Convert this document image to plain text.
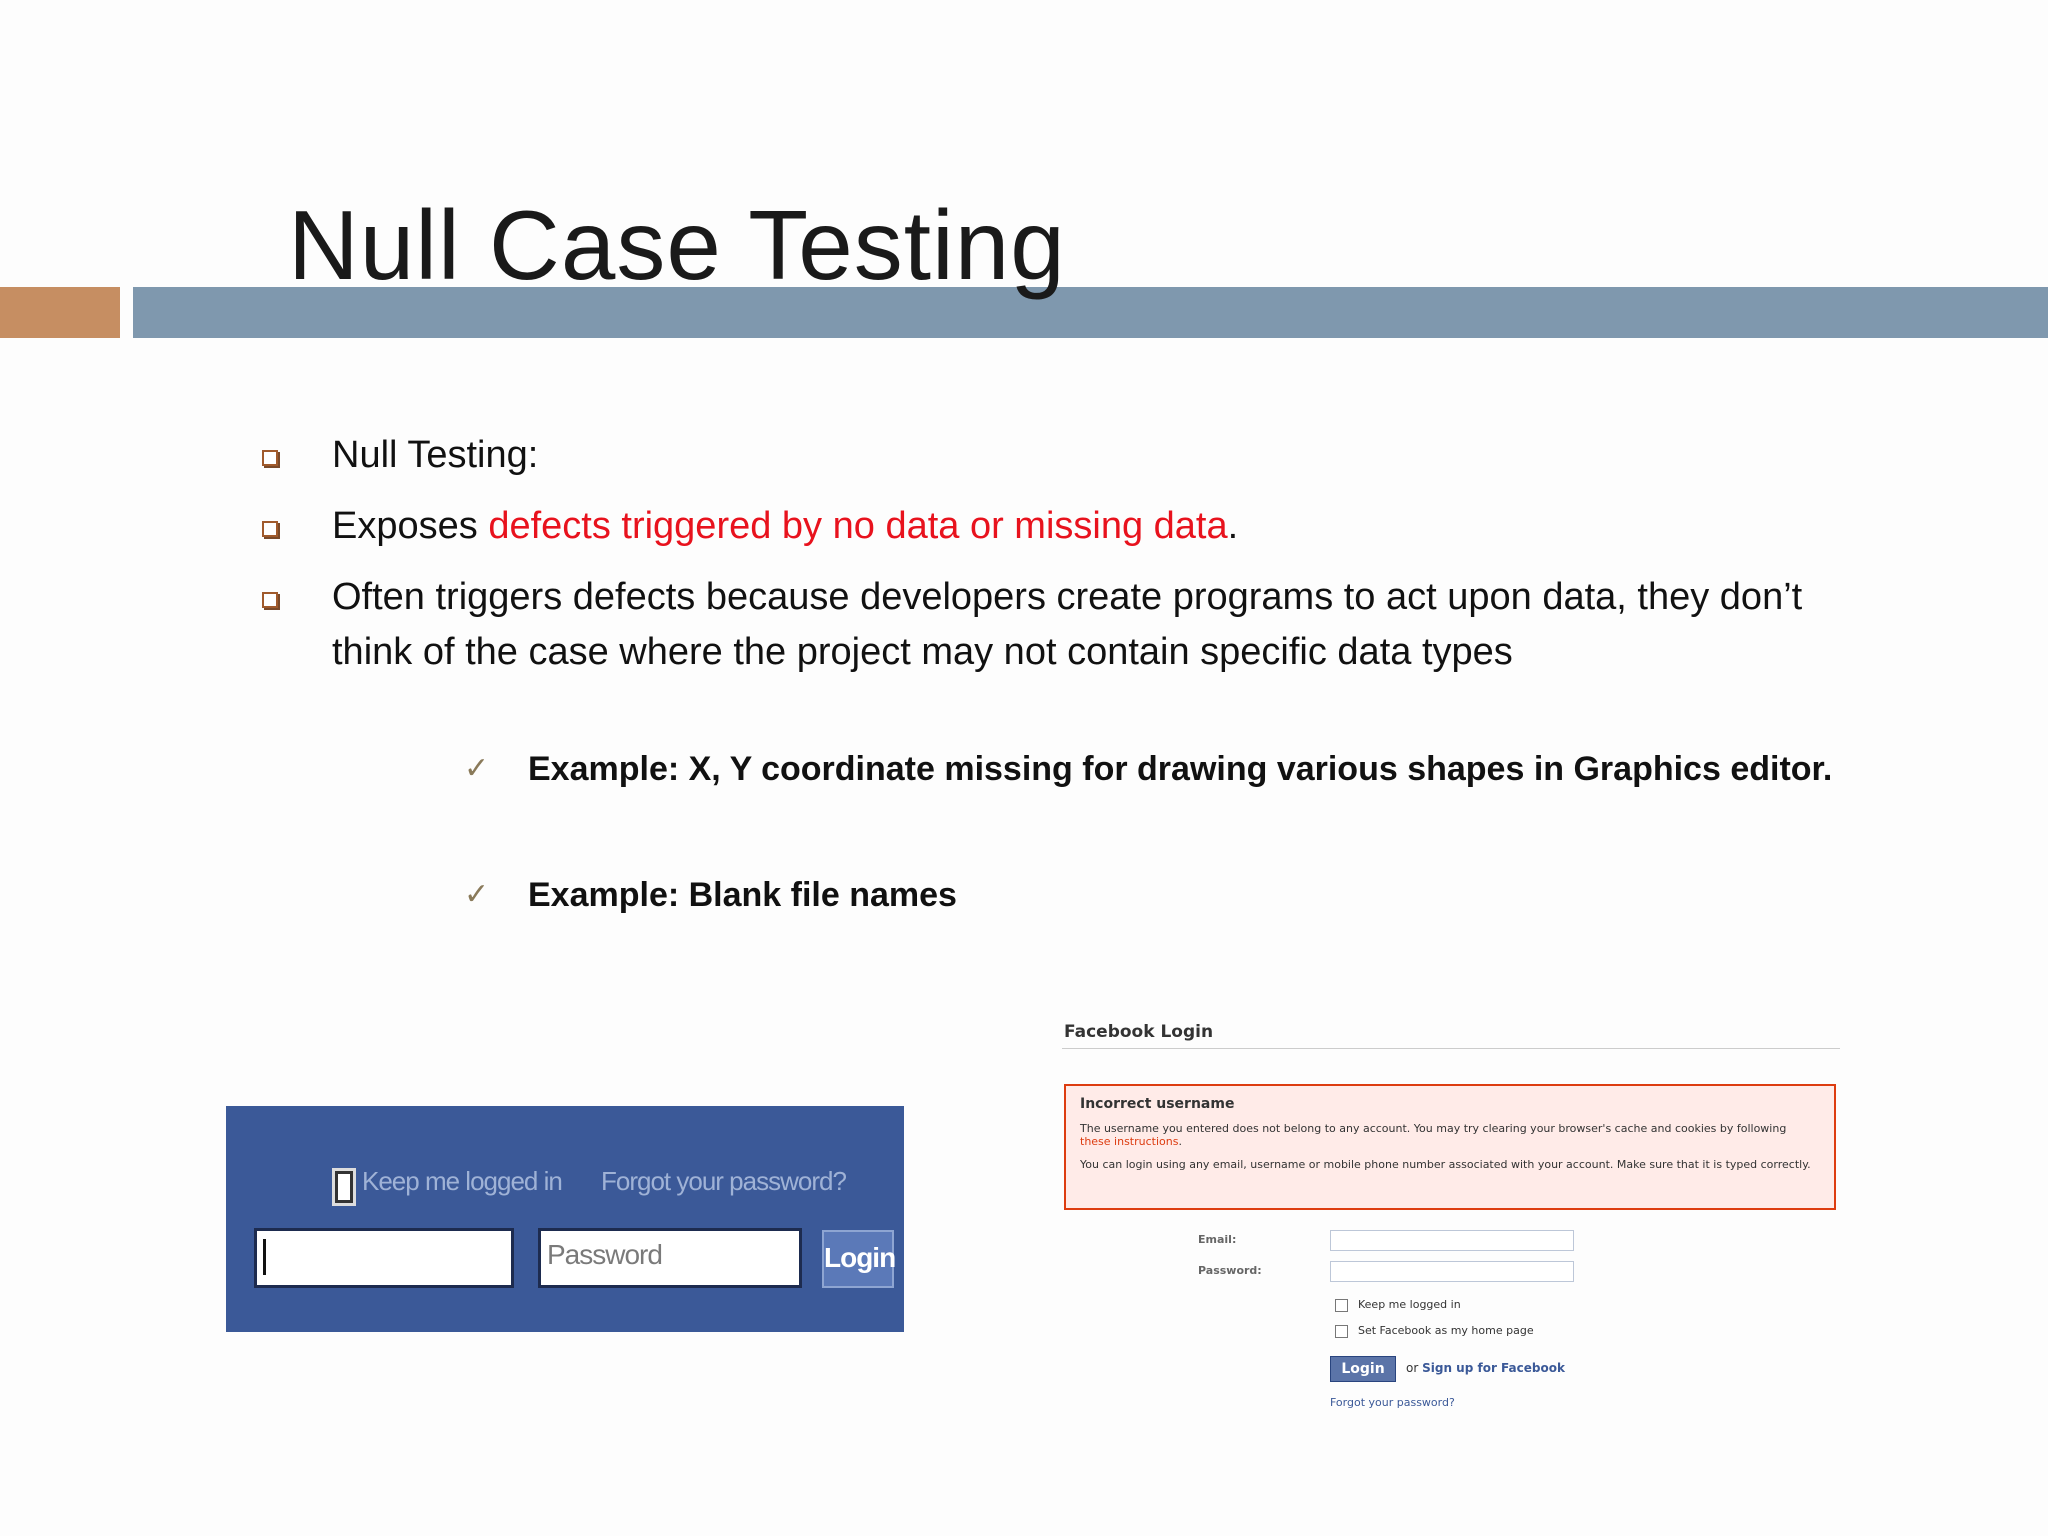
Null Case Testing
Null Testing:
Exposes defects triggered by no data or missing data.
Often triggers defects because developers create programs to act upon data, they don’t think of the case where the project may not contain specific data types
✓ Example: X, Y coordinate missing for drawing various shapes in Graphics editor.
✓ Example: Blank file names
Keep me logged in Forgot your password?
Password	Login
Facebook Login
Incorrect username
The username you entered does not belong to any account. You may try clearing your browser's cache and cookies by following these instructions.
You can login using any email, username or mobile phone number associated with your account. Make sure that it is typed correctly.
Email:
Password:
Keep me logged in
Set Facebook as my home page
Login	or Sign up for Facebook
Forgot your password?
